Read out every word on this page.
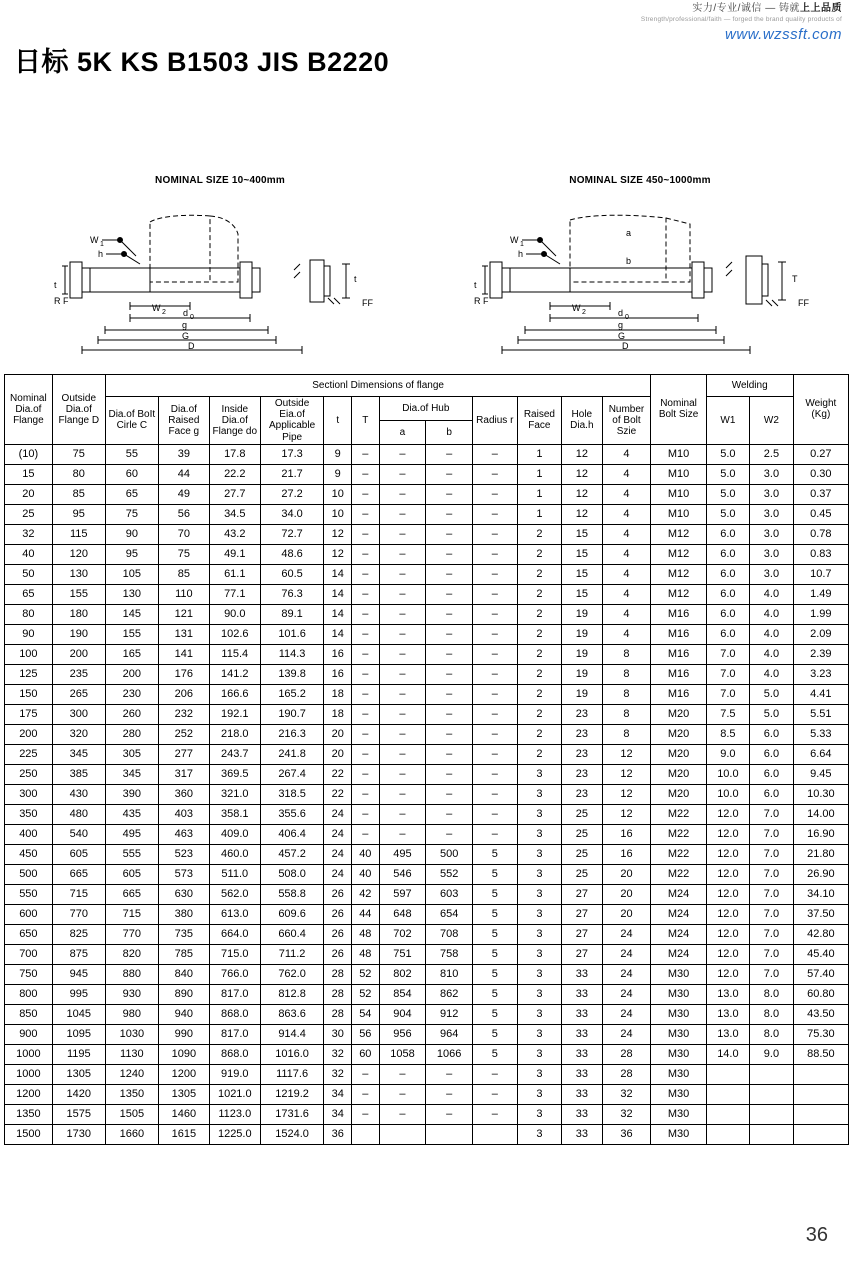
实力/专业/诚信 — 铸就上上品质
Strength/professional/faith — forged the brand quality products of
www.wzssft.com
日标 5K KS B1503 JIS B2220
NOMINAL SIZE 10~400mm
W 1
h
t
t
R F	FF
W 2 d 0
g
G
D
NOMINAL SIZE 450~1000mm
W 1
h
t
a
b
T
R F	FF
W 2	d 0
g
G
D
Nominal Dia.of Flange	Outside Dia.of Flange D	Sectionl Dimensions of flange												Nominal Bolt Size	Welding		Weight (Kg)
		Dia.of BoIt Cirle C	Dia.of Raised Face g	Inside Dia.of Flange do	Outside Eia.of Applicable Pipe	t	T	Dia.of Hub		Radius r	Raised Face	Hole Dia.h	Number of Bolt Szie		W1	W2	
								a	b								
(10)	75	55	39	17.8	17.3	9	–	–	–	–	1	12	4	M10	5.0	2.5	0.27
15	80	60	44	22.2	21.7	9	–	–	–	–	1	12	4	M10	5.0	3.0	0.30
20	85	65	49	27.7	27.2	10	–	–	–	–	1	12	4	M10	5.0	3.0	0.37
25	95	75	56	34.5	34.0	10	–	–	–	–	1	12	4	M10	5.0	3.0	0.45
32	115	90	70	43.2	72.7	12	–	–	–	–	2	15	4	M12	6.0	3.0	0.78
40	120	95	75	49.1	48.6	12	–	–	–	–	2	15	4	M12	6.0	3.0	0.83
50	130	105	85	61.1	60.5	14	–	–	–	–	2	15	4	M12	6.0	3.0	10.7
65	155	130	110	77.1	76.3	14	–	–	–	–	2	15	4	M12	6.0	4.0	1.49
80	180	145	121	90.0	89.1	14	–	–	–	–	2	19	4	M16	6.0	4.0	1.99
90	190	155	131	102.6	101.6	14	–	–	–	–	2	19	4	M16	6.0	4.0	2.09
100	200	165	141	115.4	114.3	16	–	–	–	–	2	19	8	M16	7.0	4.0	2.39
125	235	200	176	141.2	139.8	16	–	–	–	–	2	19	8	M16	7.0	4.0	3.23
150	265	230	206	166.6	165.2	18	–	–	–	–	2	19	8	M16	7.0	5.0	4.41
175	300	260	232	192.1	190.7	18	–	–	–	–	2	23	8	M20	7.5	5.0	5.51
200	320	280	252	218.0	216.3	20	–	–	–	–	2	23	8	M20	8.5	6.0	5.33
225	345	305	277	243.7	241.8	20	–	–	–	–	2	23	12	M20	9.0	6.0	6.64
250	385	345	317	369.5	267.4	22	–	–	–	–	3	23	12	M20	10.0	6.0	9.45
300	430	390	360	321.0	318.5	22	–	–	–	–	3	23	12	M20	10.0	6.0	10.30
350	480	435	403	358.1	355.6	24	–	–	–	–	3	25	12	M22	12.0	7.0	14.00
400	540	495	463	409.0	406.4	24	–	–	–	–	3	25	16	M22	12.0	7.0	16.90
450	605	555	523	460.0	457.2	24	40	495	500	5	3	25	16	M22	12.0	7.0	21.80
500	665	605	573	511.0	508.0	24	40	546	552	5	3	25	20	M22	12.0	7.0	26.90
550	715	665	630	562.0	558.8	26	42	597	603	5	3	27	20	M24	12.0	7.0	34.10
600	770	715	380	613.0	609.6	26	44	648	654	5	3	27	20	M24	12.0	7.0	37.50
650	825	770	735	664.0	660.4	26	48	702	708	5	3	27	24	M24	12.0	7.0	42.80
700	875	820	785	715.0	711.2	26	48	751	758	5	3	27	24	M24	12.0	7.0	45.40
750	945	880	840	766.0	762.0	28	52	802	810	5	3	33	24	M30	12.0	7.0	57.40
800	995	930	890	817.0	812.8	28	52	854	862	5	3	33	24	M30	13.0	8.0	60.80
850	1045	980	940	868.0	863.6	28	54	904	912	5	3	33	24	M30	13.0	8.0	43.50
900	1095	1030	990	817.0	914.4	30	56	956	964	5	3	33	24	M30	13.0	8.0	75.30
1000	1195	1130	1090	868.0	1016.0	32	60	1058	1066	5	3	33	28	M30	14.0	9.0	88.50
1000	1305	1240	1200	919.0	1117.6	32	–	–	–	–	3	33	28	M30			
1200	1420	1350	1305	1021.0	1219.2	34	–	–	–	–	3	33	32	M30			
1350	1575	1505	1460	1123.0	1731.6	34	–	–	–	–	3	33	32	M30			
1500	1730	1660	1615	1225.0	1524.0	36					3	33	36	M30			
36
